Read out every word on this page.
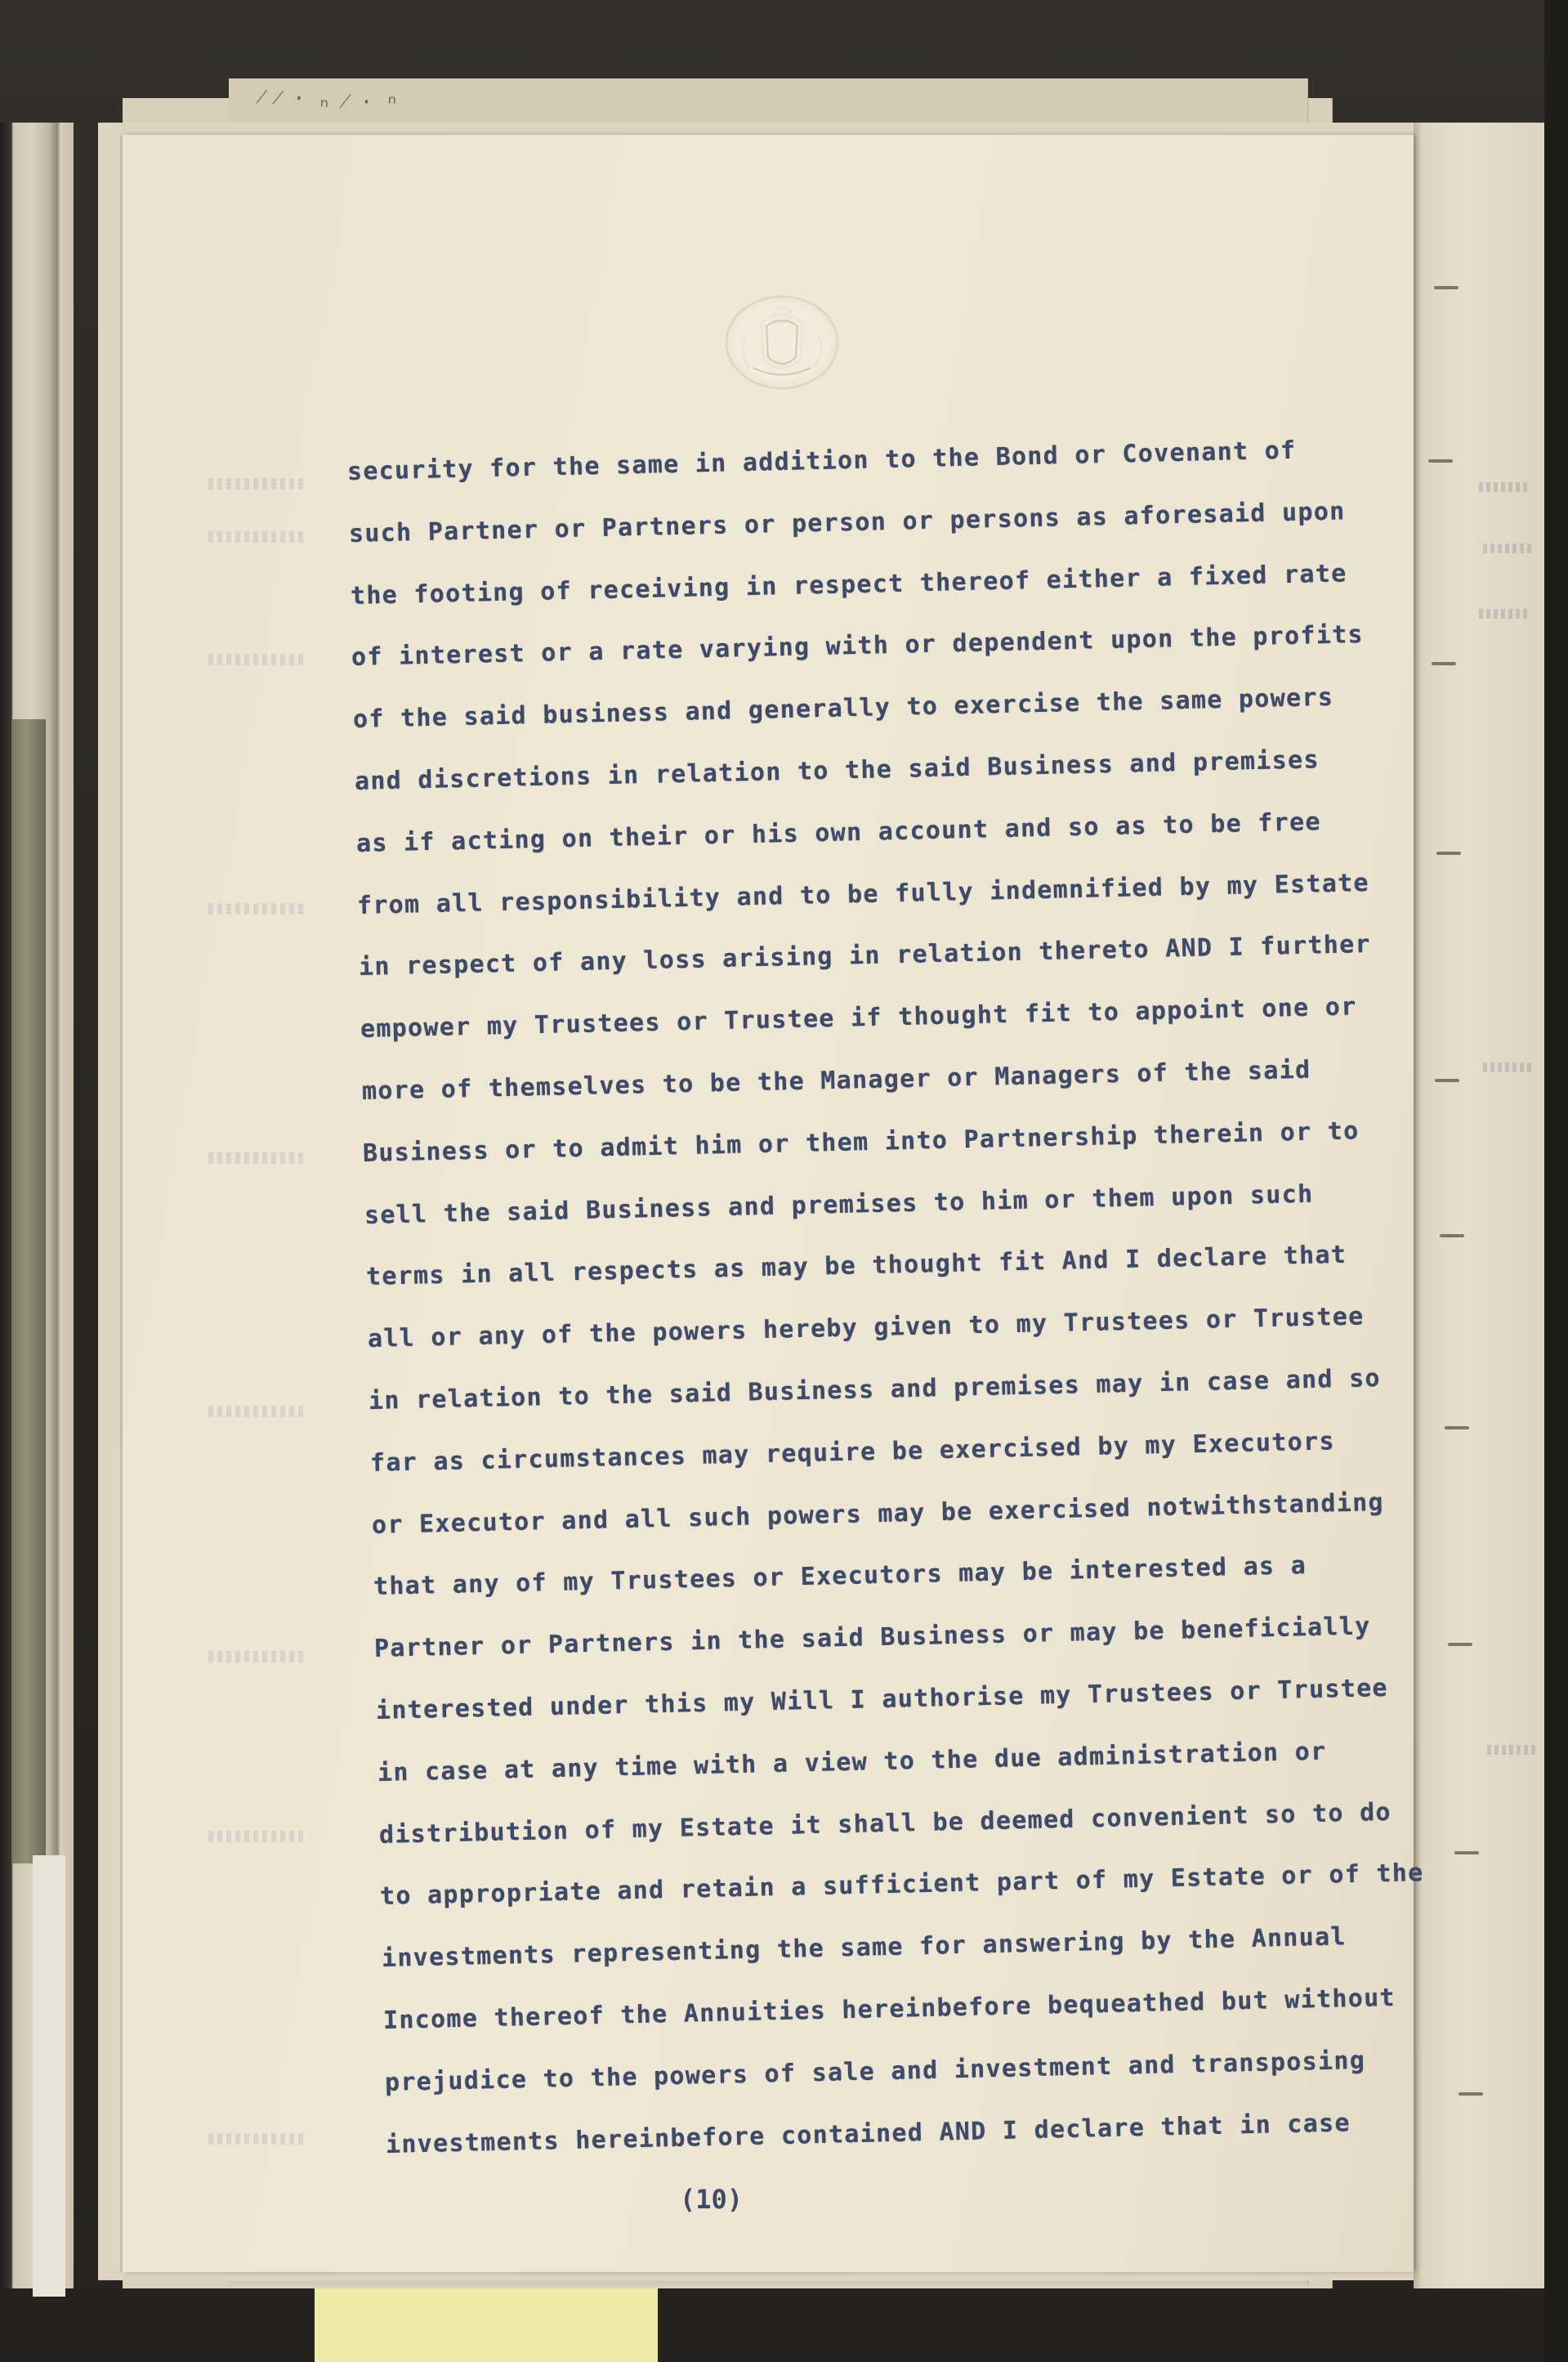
⁄ ⁄ ⋅ ₙ ⁄ ⋅ ⁿ
security for the same in addition to the Bond or Covenant of
such Partner or Partners or person or persons as aforesaid upon
the footing of receiving in respect thereof either a fixed rate
of interest or a rate varying with or dependent upon the profits
of the said business and generally to exercise the same powers
and discretions in relation to the said Business and premises
as if acting on their or his own account and so as to be free
from all responsibility and to be fully indemnified by my Estate
in respect of any loss arising in relation thereto AND I further
empower my Trustees or Trustee if thought fit to appoint one or
more of themselves to be the Manager or Managers of the said
Business or to admit him or them into Partnership therein or to
sell the said Business and premises to him or them upon such
terms in all respects as may be thought fit And I declare that
all or any of the powers hereby given to my Trustees or Trustee
in relation to the said Business and premises may in case and so
far as circumstances may require be exercised by my Executors
or Executor and all such powers may be exercised notwithstanding
that any of my Trustees or Executors may be interested as a
Partner or Partners in the said Business or may be beneficially
interested under this my Will I authorise my Trustees or Trustee
in case at any time with a view to the due administration or
distribution of my Estate it shall be deemed convenient so to do
to appropriate and retain a sufficient part of my Estate or of the
investments representing the same for answering by the Annual
Income thereof the Annuities hereinbefore bequeathed but without
prejudice to the powers of sale and investment and transposing
investments hereinbefore contained AND I declare that in case
(10)
